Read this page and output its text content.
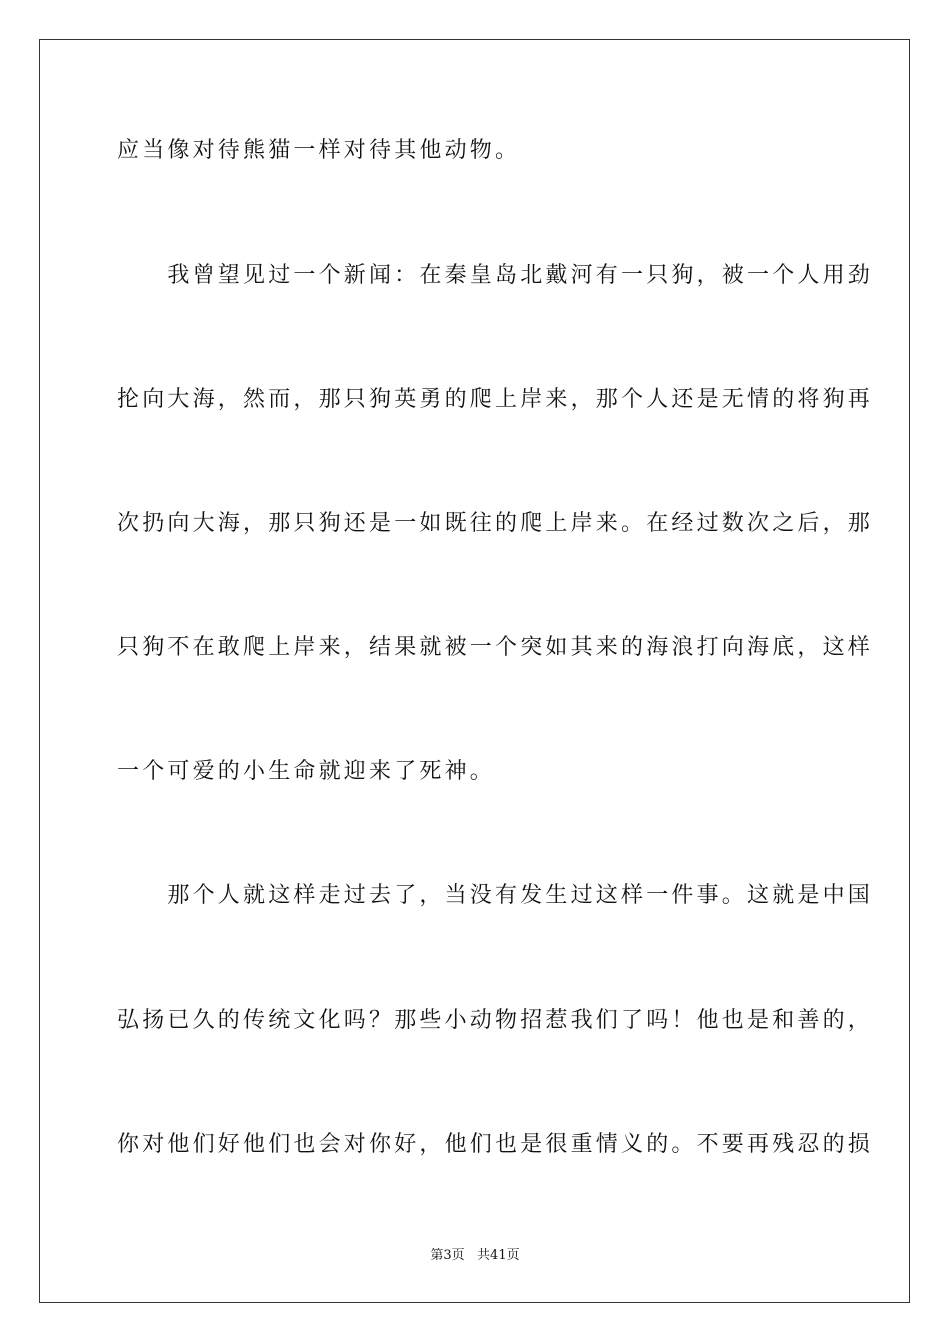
应当像对待熊猫一样对待其他动物。
　　我曾望见过一个新闻：在秦皇岛北戴河有一只狗，被一个人用劲
抡向大海，然而，那只狗英勇的爬上岸来，那个人还是无情的将狗再
次扔向大海，那只狗还是一如既往的爬上岸来。在经过数次之后，那
只狗不在敢爬上岸来，结果就被一个突如其来的海浪打向海底，这样
一个可爱的小生命就迎来了死神。
　　那个人就这样走过去了，当没有发生过这样一件事。这就是中国
弘扬已久的传统文化吗？那些小动物招惹我们了吗！他也是和善的，
你对他们好他们也会对你好，他们也是很重情义的。不要再残忍的损
第3页   共41页
